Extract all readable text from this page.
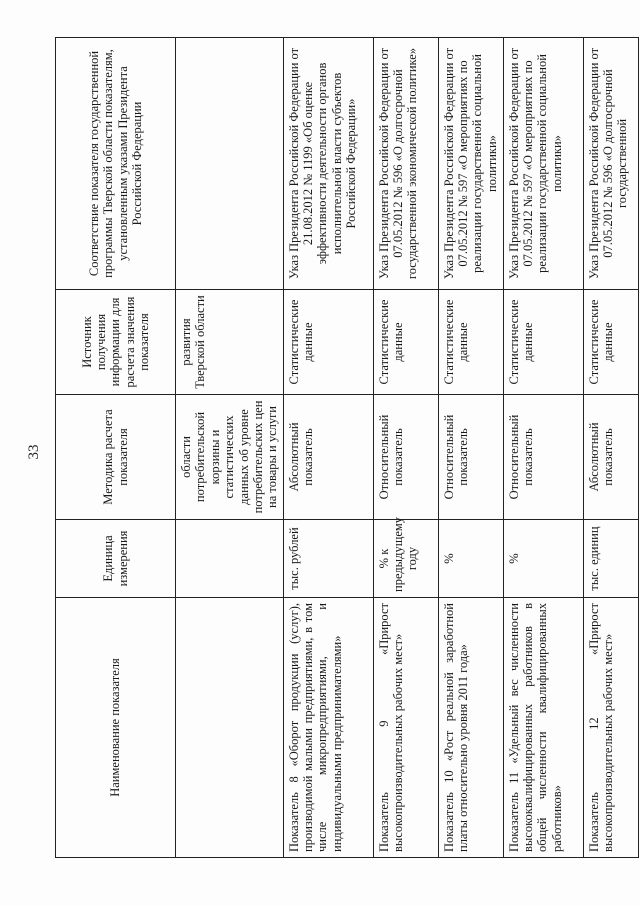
33
Наименование показателя	Единица измерения	Методика расчета показателя	Источник получения информации для расчета значения показателя	Соответствие показателя государственной программы Тверской области показателям, установленным указами Президента Российской Федерации
		области потребительской корзины и статистических данных об уровне потребительских цен на товары и услуги	развития Тверской области	
Показатель 8 «Оборот продукции (услуг), производимой малыми предприятиями, в том числе микропредприятиями, и индивидуальными предпринимателями»	тыс. рублей	Абсолютный показатель	Статистические данные	Указ Президента Российской Федерации от 21.08.2012 № 1199 «Об оценке эффективности деятельности органов исполнительной власти субъектов Российской Федерации»
Показатель 9 «Прирост высокопроизводительных рабочих мест»	% к предыдущему году	Относительный показатель	Статистические данные	Указ Президента Российской Федерации от 07.05.2012 № 596 «О долгосрочной государственной экономической политике»
Показатель 10 «Рост реальной заработной платы относительно уровня 2011 года»	%	Относительный показатель	Статистические данные	Указ Президента Российской Федерации от 07.05.2012 № 597 «О мероприятиях по реализации государственной социальной политики»
Показатель 11 «Удельный вес численности высококвалифицированных работников в общей численности квалифицированных работников»	%	Относительный показатель	Статистические данные	Указ Президента Российской Федерации от 07.05.2012 № 597 «О мероприятиях по реализации государственной социальной политики»
Показатель 12 «Прирост высокопроизводительных рабочих мест»	тыс. единиц	Абсолютный показатель	Статистические данные	Указ Президента Российской Федерации от 07.05.2012 № 596 «О долгосрочной государственной
